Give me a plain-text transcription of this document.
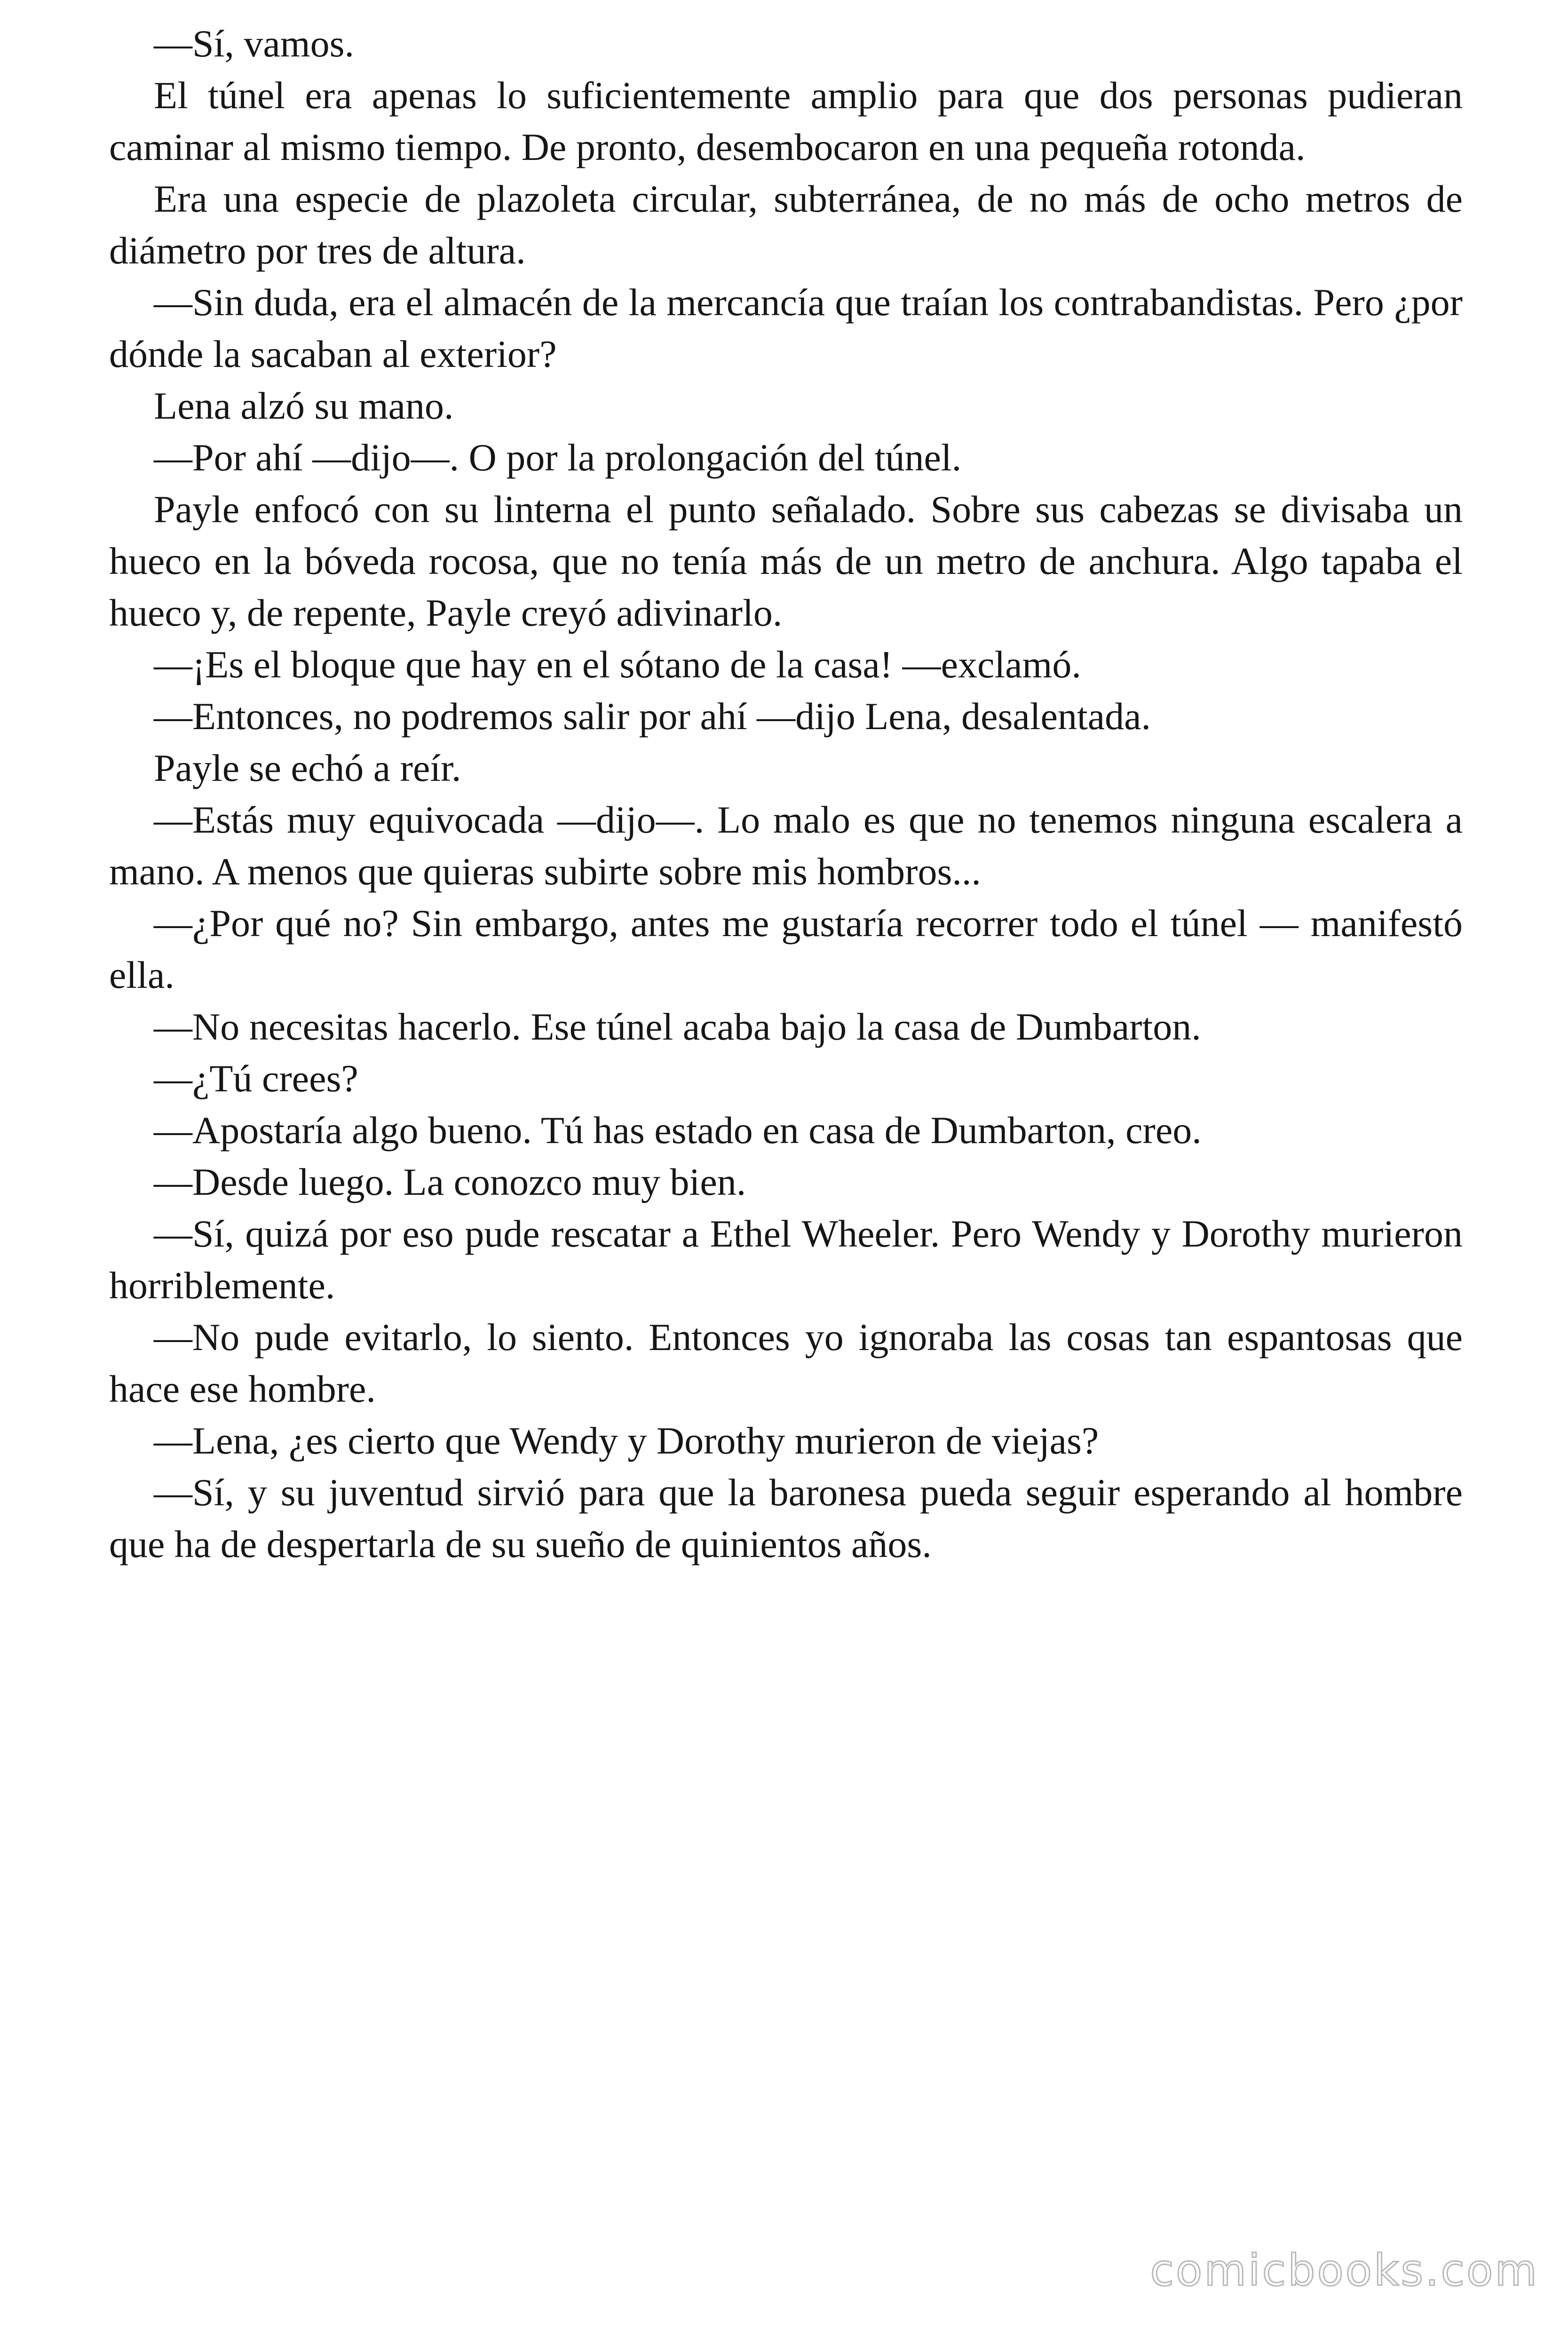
—Sí, vamos.

El túnel era apenas lo suficientemente amplio para que dos personas pudieran caminar al mismo tiempo. De pronto, desembocaron en una pequeña rotonda.

Era una especie de plazoleta circular, subterránea, de no más de ocho metros de diámetro por tres de altura.

—Sin duda, era el almacén de la mercancía que traían los contrabandistas. Pero ¿por dónde la sacaban al exterior?

Lena alzó su mano.

—Por ahí —dijo—. O por la prolongación del túnel.

Payle enfocó con su linterna el punto señalado. Sobre sus cabezas se divisaba un hueco en la bóveda rocosa, que no tenía más de un metro de anchura. Algo tapaba el hueco y, de repente, Payle creyó adivinarlo.

—¡Es el bloque que hay en el sótano de la casa! —exclamó.

—Entonces, no podremos salir por ahí —dijo Lena, desalentada.

Payle se echó a reír.

—Estás muy equivocada —dijo—. Lo malo es que no tenemos ninguna escalera a mano. A menos que quieras subirte sobre mis hombros...

—¿Por qué no? Sin embargo, antes me gustaría recorrer todo el túnel — manifestó ella.

—No necesitas hacerlo. Ese túnel acaba bajo la casa de Dumbarton.

—¿Tú crees?

—Apostaría algo bueno. Tú has estado en casa de Dumbarton, creo.

—Desde luego. La conozco muy bien.

—Sí, quizá por eso pude rescatar a Ethel Wheeler. Pero Wendy y Dorothy murieron horriblemente.

—No pude evitarlo, lo siento. Entonces yo ignoraba las cosas tan espantosas que hace ese hombre.

—Lena, ¿es cierto que Wendy y Dorothy murieron de viejas?

—Sí, y su juventud sirvió para que la baronesa pueda seguir esperando al hombre que ha de despertarla de su sueño de quinientos años.

comicbooks.com
